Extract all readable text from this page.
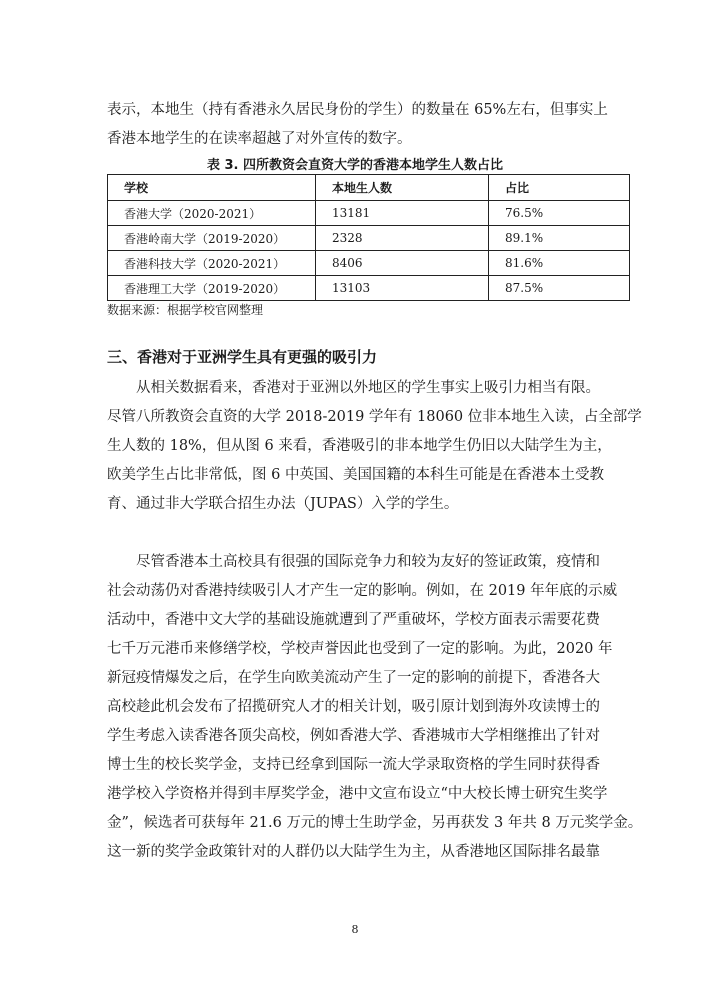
表示，本地生（持有香港永久居民身份的学生）的数量在 65%左右，但事实上
香港本地学生的在读率超越了对外宣传的数字。

表 3. 四所教资会直资大学的香港本地学生人数占比
学校	本地生人数	占比
香港大学（2020-2021）	13181	76.5%
香港岭南大学（2019-2020）	2328	89.1%
香港科技大学（2020-2021）	8406	81.6%
香港理工大学（2019-2020）	13103	87.5%
数据来源：根据学校官网整理
三、香港对于亚洲学生具有更强的吸引力

从相关数据看来，香港对于亚洲以外地区的学生事实上吸引力相当有限。
尽管八所教资会直资的大学 2018-2019 学年有 18060 位非本地生入读，占全部学
生人数的 18%，但从图 6 来看，香港吸引的非本地学生仍旧以大陆学生为主，
欧美学生占比非常低，图 6 中英国、美国国籍的本科生可能是在香港本土受教
育、通过非大学联合招生办法（JUPAS）入学的学生。

尽管香港本土高校具有很强的国际竞争力和较为友好的签证政策，疫情和
社会动荡仍对香港持续吸引人才产生一定的影响。例如，在 2019 年年底的示威
活动中，香港中文大学的基础设施就遭到了严重破坏，学校方面表示需要花费
七千万元港币来修缮学校，学校声誉因此也受到了一定的影响。为此，2020 年
新冠疫情爆发之后，在学生向欧美流动产生了一定的影响的前提下，香港各大
高校趁此机会发布了招揽研究人才的相关计划，吸引原计划到海外攻读博士的
学生考虑入读香港各顶尖高校，例如香港大学、香港城市大学相继推出了针对
博士生的校长奖学金，支持已经拿到国际一流大学录取资格的学生同时获得香
港学校入学资格并得到丰厚奖学金，港中文宣布设立“中大校长博士研究生奖学
金”，候选者可获每年 21.6 万元的博士生助学金，另再获发 3 年共 8 万元奖学金。
这一新的奖学金政策针对的人群仍以大陆学生为主，从香港地区国际排名最靠

8
